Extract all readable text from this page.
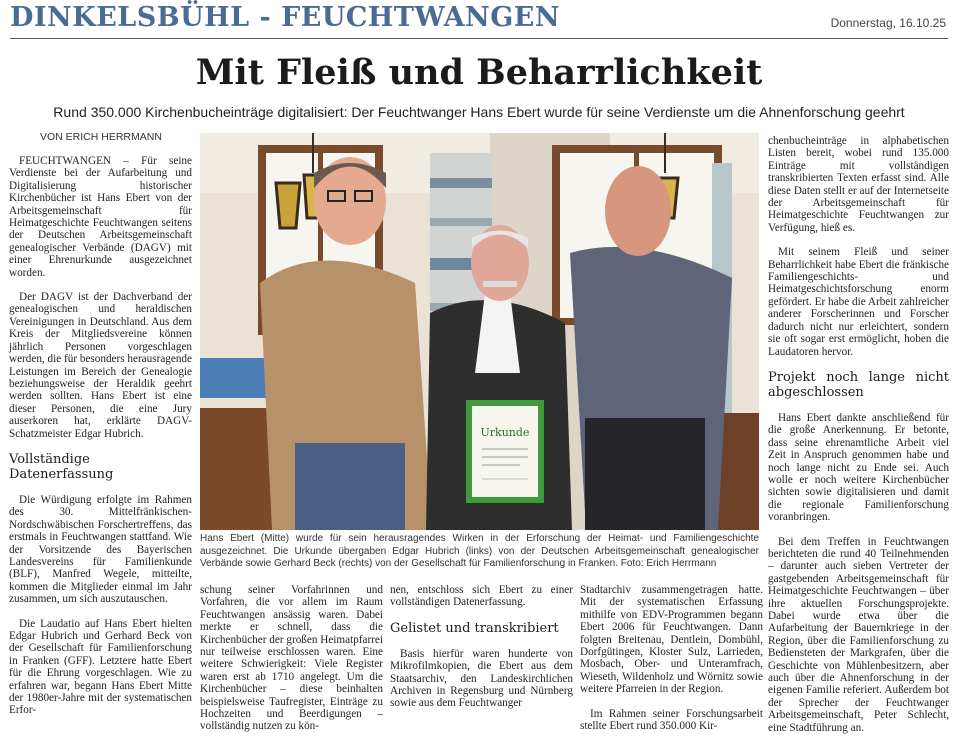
DINKELSBÜHL - FEUCHTWANGEN	Donnerstag, 16.10.25
Mit Fleiß und Beharrlichkeit
Rund 350.000 Kirchenbucheinträge digitalisiert: Der Feuchtwanger Hans Ebert wurde für seine Verdienste um die Ahnenforschung geehrt
VON ERICH HERRMANN

FEUCHTWANGEN – Für seine Verdienste bei der Aufarbeitung und Digitalisierung historischer Kirchenbücher ist Hans Ebert von der Arbeitsgemeinschaft für Heimatgeschichte Feuchtwangen seitens der Deutschen Arbeitsgemeinschaft genealogischer Verbände (DAGV) mit einer Ehrenurkunde ausgezeichnet worden.

Der DAGV ist der Dachverband der genealogischen und heraldischen Vereinigungen in Deutschland. Aus dem Kreis der Mitgliedsvereine können jährlich Personen vorgeschlagen werden, die für besonders herausragende Leistungen im Bereich der Genealogie beziehungsweise der Heraldik geehrt werden sollten. Hans Ebert ist eine dieser Personen, die eine Jury auserkoren hat, erklärte DAGV-Schatzmeister Edgar Hubrich.

Vollständige Datenerfassung

Die Würdigung erfolgte im Rahmen des 30. Mittelfränkischen-Nordschwäbischen Forschertreffens, das erstmals in Feuchtwangen stattfand. Wie der Vorsitzende des Bayerischen Landesvereins für Familienkunde (BLF), Manfred Wegele, mitteilte, kommen die Mitglieder einmal im Jahr zusammen, um sich auszutauschen.

Die Laudatio auf Hans Ebert hielten Edgar Hubrich und Gerhard Beck von der Gesellschaft für Familienforschung in Franken (GFF). Letztere hatte Ebert für die Ehrung vorgeschlagen. Wie zu erfahren war, begann Hans Ebert Mitte der 1980er-Jahre mit der systematischen Erfor-

Urkunde
Hans Ebert (Mitte) wurde für sein herausragendes Wirken in der Erforschung der Heimat- und Familiengeschichte ausgezeichnet. Die Urkunde übergaben Edgar Hubrich (links) von der Deutschen Arbeitsgemeinschaft genealogischer Verbände sowie Gerhard Beck (rechts) von der Gesellschaft für Familienforschung in Franken. Foto: Erich Herrmann

schung seiner Vorfahrinnen und Vorfahren, die vor allem im Raum Feuchtwangen ansässig waren. Dabei merkte er schnell, dass die Kirchenbücher der großen Heimatpfarrei nur teilweise erschlossen waren. Eine weitere Schwierigkeit: Viele Register waren erst ab 1710 angelegt. Um die Kirchenbücher – diese beinhalten beispielsweise Taufregister, Einträge zu Hochzeiten und Beerdigungen – vollständig nutzen zu kön-

nen, entschloss sich Ebert zu einer vollständigen Datenerfassung.

Gelistet und transkribiert

Basis hierfür waren hunderte von Mikrofilmkopien, die Ebert aus dem Staatsarchiv, den Landeskirchlichen Archiven in Regensburg und Nürnberg sowie aus dem Feuchtwanger

Stadtarchiv zusammengetragen hatte. Mit der systematischen Erfassung mithilfe von EDV-Programmen begann Ebert 2006 für Feuchtwangen. Dann folgten Breitenau, Dentlein, Dombühl, Dorfgütingen, Kloster Sulz, Larrieden, Mosbach, Ober- und Unteramfrach, Wieseth, Wildenholz und Wörnitz sowie weitere Pfarreien in der Region.

Im Rahmen seiner Forschungsarbeit stellte Ebert rund 350.000 Kir-

chenbucheinträge in alphabetischen Listen bereit, wobei rund 135.000 Einträge mit vollständigen transkribierten Texten erfasst sind. Alle diese Daten stellt er auf der Internetseite der Arbeitsgemeinschaft für Heimatgeschichte Feuchtwangen zur Verfügung, hieß es.

Mit seinem Fleiß und seiner Beharrlichkeit habe Ebert die fränkische Familiengeschichts- und Heimatgeschichtsforschung enorm gefördert. Er habe die Arbeit zahlreicher anderer Forscherinnen und Forscher dadurch nicht nur erleichtert, sondern sie oft sogar erst ermöglicht, hoben die Laudatoren hervor.

Projekt noch lange nicht abgeschlossen

Hans Ebert dankte anschließend für die große Anerkennung. Er betonte, dass seine ehrenamtliche Arbeit viel Zeit in Anspruch genommen habe und noch lange nicht zu Ende sei. Auch wolle er noch weitere Kirchenbücher sichten sowie digitalisieren und damit die regionale Familienforschung voranbringen.

Bei dem Treffen in Feuchtwangen berichteten die rund 40 Teilnehmenden – darunter auch sieben Vertreter der gastgebenden Arbeitsgemeinschaft für Heimatgeschichte Feuchtwangen – über ihre aktuellen Forschungsprojekte. Dabei wurde etwa über die Aufarbeitung der Bauernkriege in der Region, über die Familienforschung zu Bediensteten der Markgrafen, über die Geschichte von Mühlenbesitzern, aber auch über die Ahnenforschung in der eigenen Familie referiert. Außerdem bot der Sprecher der Feuchtwanger Arbeitsgemeinschaft, Peter Schlecht, eine Stadtführung an.
